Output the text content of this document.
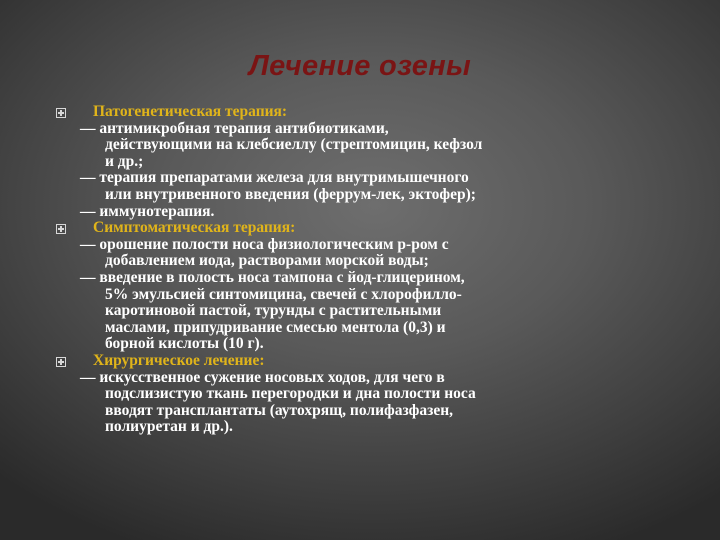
Лечение озены
Патогенетическая терапия:
— антимикробная терапия антибиотиками,
действующими на клебсиеллу (стрептомицин, кефзол
и др.;
— терапия препаратами железа для внутримышечного
или внутривенного введения (феррум-лек, эктофер);
— иммунотерапия.
Симптоматическая терапия:
— орошение полости носа физиологическим р-ром с
добавлением иода, растворами морской воды;
— введение в полость носа тампона с йод-глицерином,
5% эмульсией синтомицина, свечей с хлорофилло-
каротиновой пастой, турунды с растительными
маслами, припудривание смесью ментола (0,3) и
борной кислоты (10 г).
Хирургическое лечение:
— искусственное сужение носовых ходов, для чего в
подслизистую ткань перегородки и дна полости носа
вводят трансплантаты (аутохрящ, полифазфазен,
полиуретан и др.).
